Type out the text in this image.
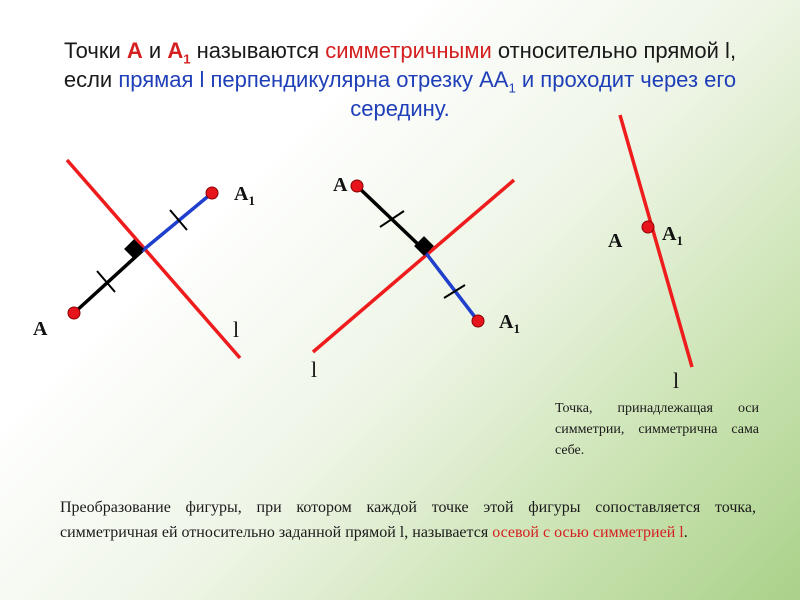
Точки А и $А_1$ называются симметричными относительно прямой l, если прямая l перпендикулярна отрезку $АА_1$ и проходит через его середину.
A
$A_1$
l
A
$A_1$
l
A $A_1$
l
Точка, принадлежащая оси симметрии, симметрична сама себе.
Преобразование фигуры, при котором каждой точке этой фигуры сопоставляется точка, симметричная ей относительно заданной прямой l, называется осевой с осью симметрией l.
